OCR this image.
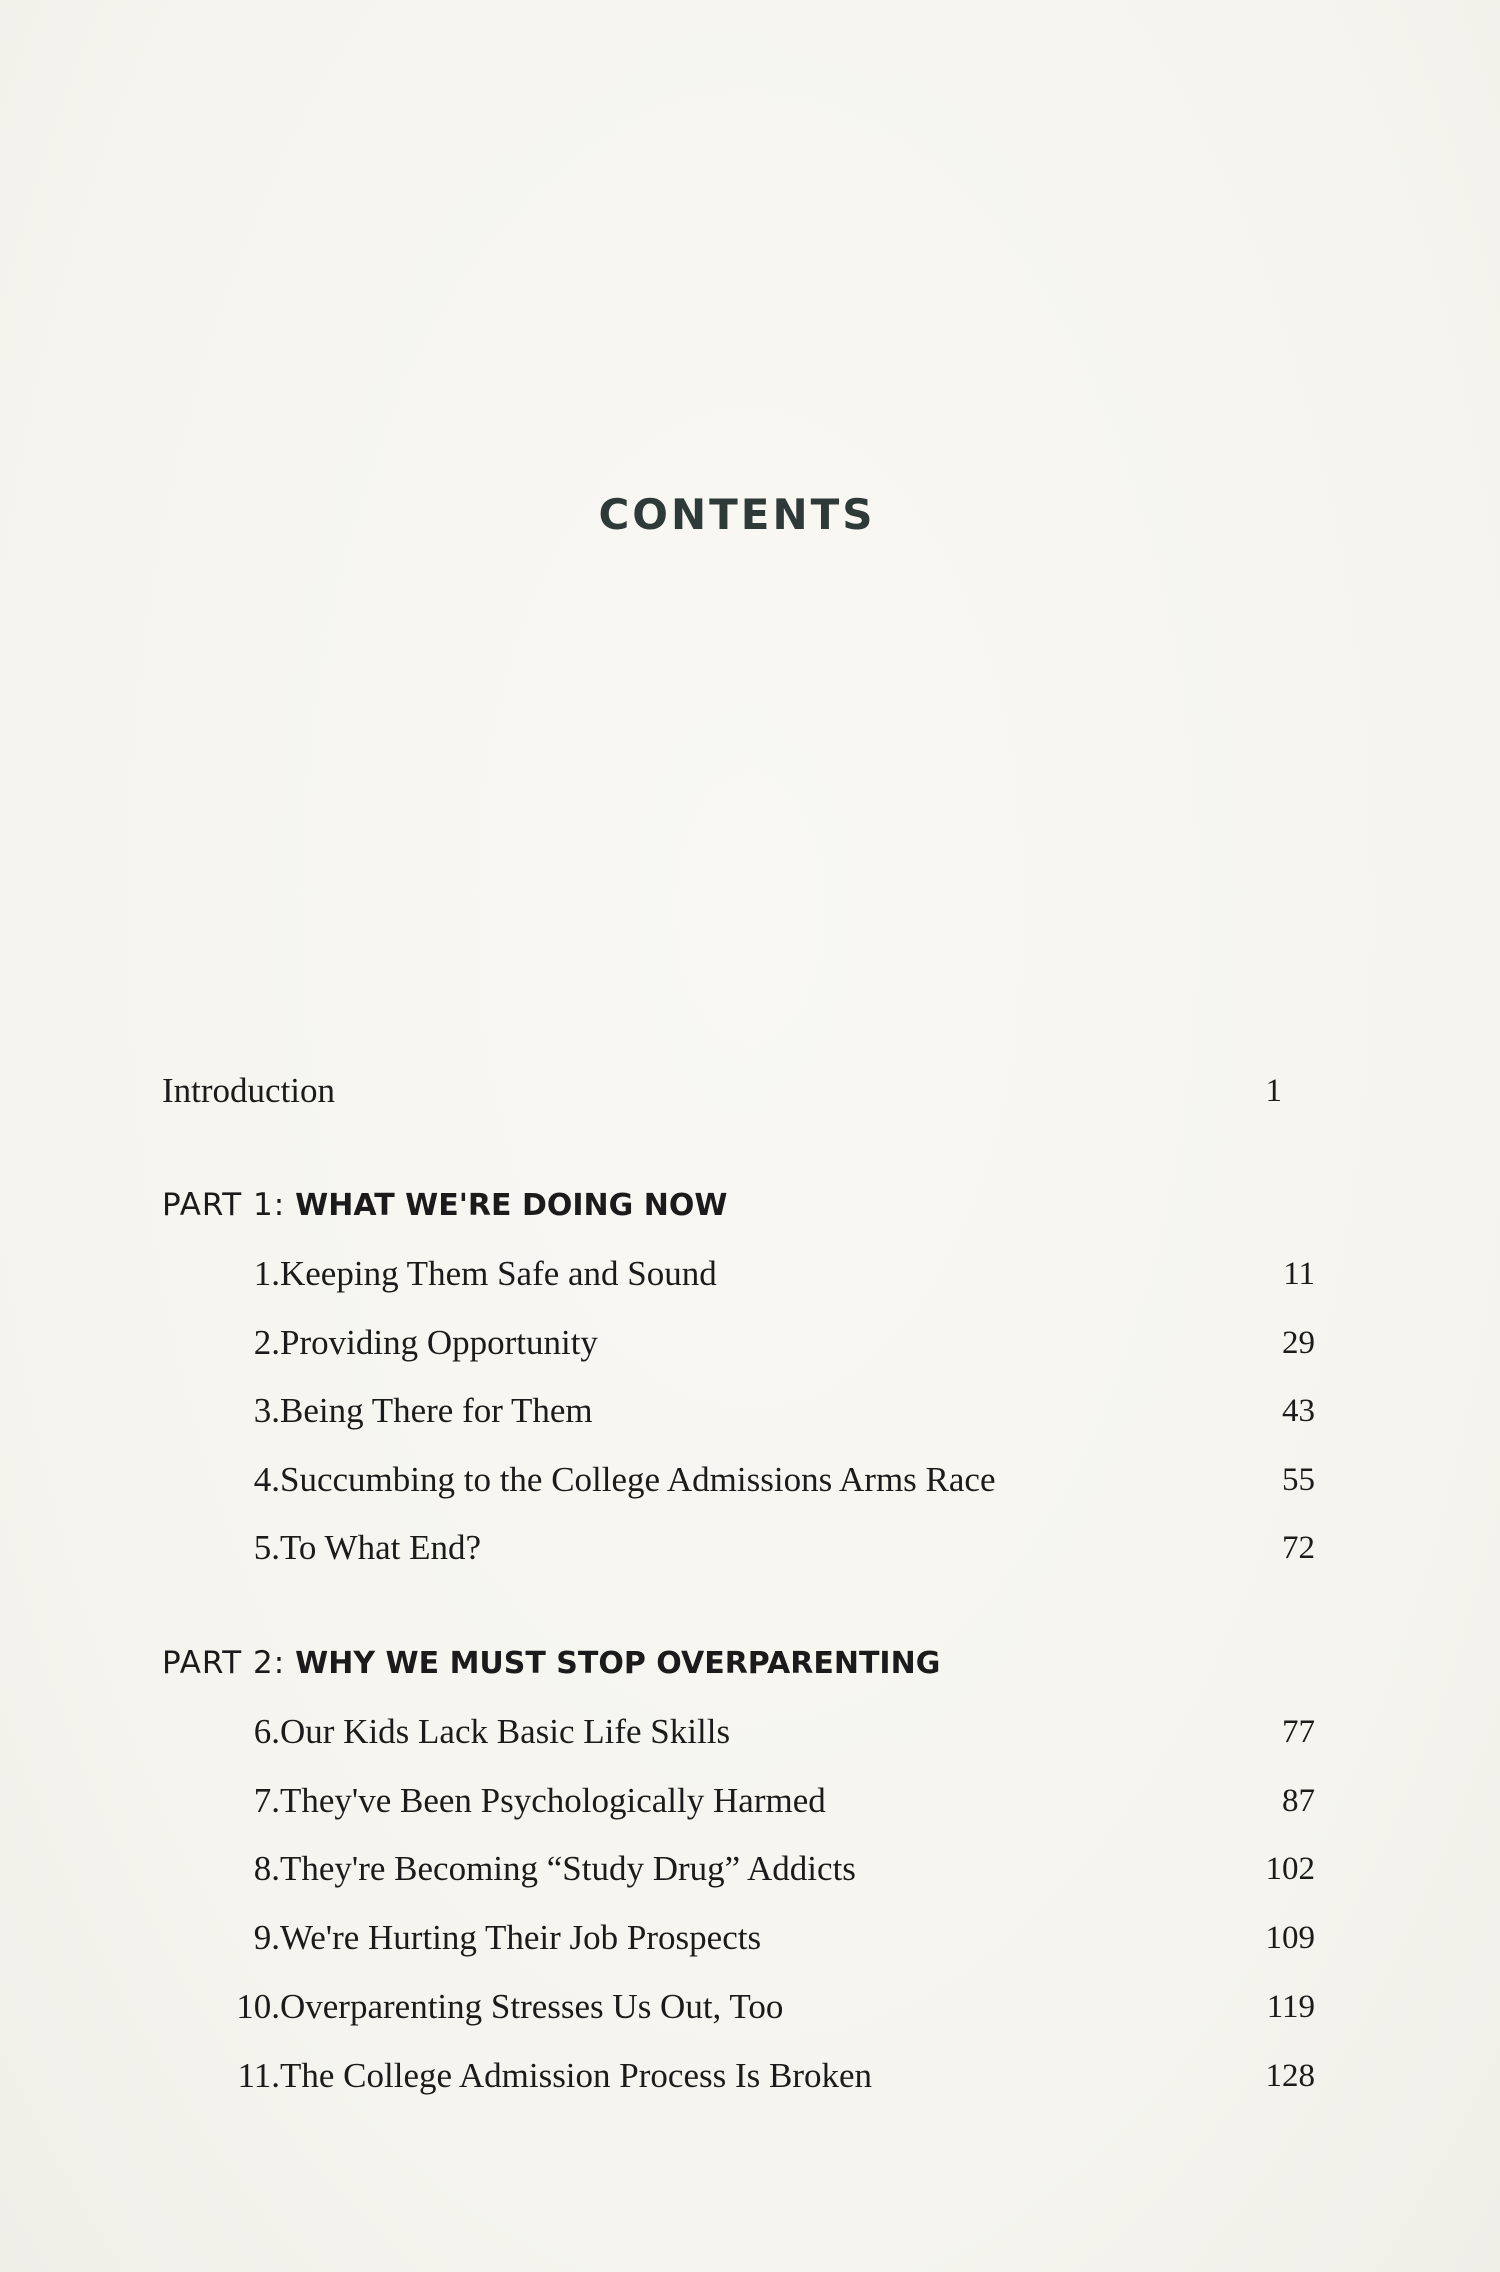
CONTENTS
Introduction	1
PART 1: WHAT WE'RE DOING NOW
1. Keeping Them Safe and Sound	11
2. Providing Opportunity	29
3. Being There for Them	43
4. Succumbing to the College Admissions Arms Race	55
5. To What End?	72
PART 2: WHY WE MUST STOP OVERPARENTING
6. Our Kids Lack Basic Life Skills	77
7. They've Been Psychologically Harmed	87
8. They're Becoming “Study Drug” Addicts	102
9. We're Hurting Their Job Prospects	109
10. Overparenting Stresses Us Out, Too	119
11. The College Admission Process Is Broken	128
